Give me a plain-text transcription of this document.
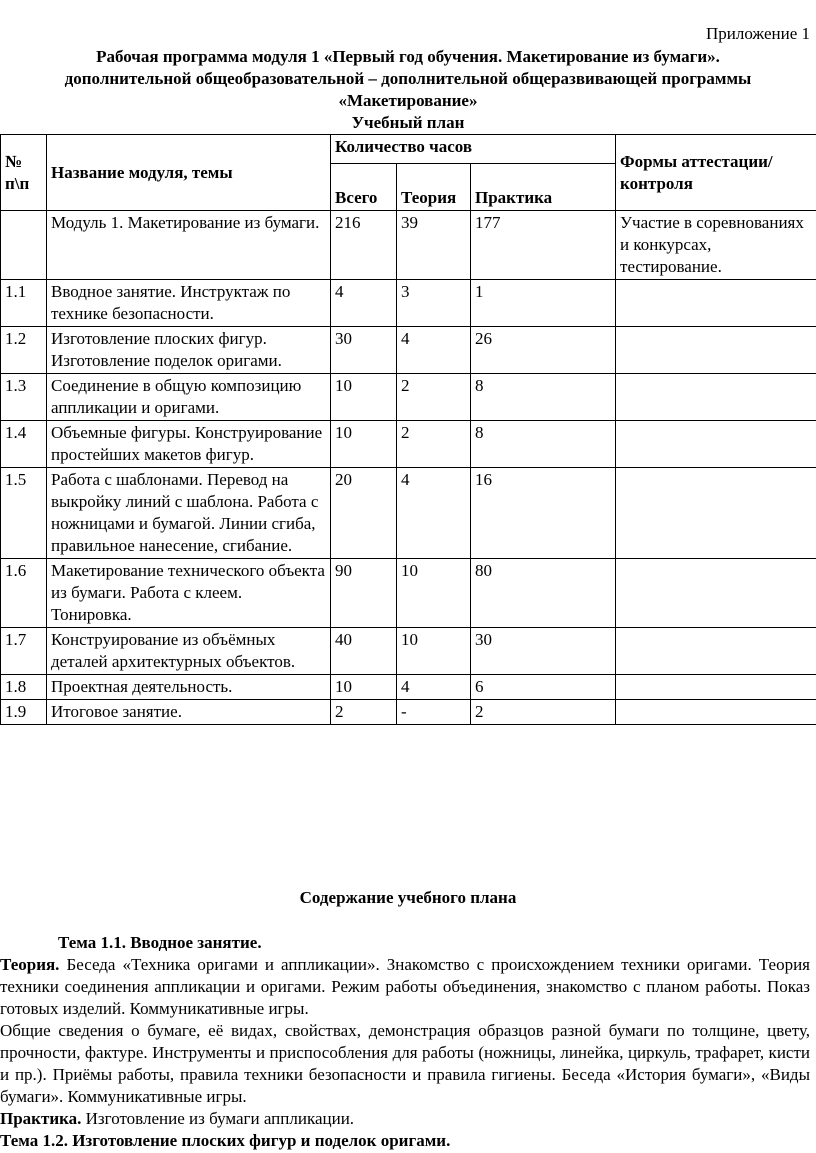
Приложение 1
Рабочая программа модуля 1 «Первый год обучения. Макетирование из бумаги».
дополнительной общеобразовательной – дополнительной общеразвивающей программы
«Макетирование»
Учебный план
№ п\п	Название модуля, темы	Количество часов			Формы аттестации/ контроля
		Всего	Теория	Практика	
	Модуль 1. Макетирование из бумаги.	216	39	177	Участие в соревнованиях и конкурсах, тестирование.
1.1	Вводное занятие. Инструктаж по технике безопасности.	4	3	1	
1.2	Изготовление плоских фигур. Изготовление поделок оригами.	30	4	26	
1.3	Соединение в общую композицию аппликации и оригами.	10	2	8	
1.4	Объемные фигуры. Конструирование простейших макетов фигур.	10	2	8	
1.5	Работа с шаблонами. Перевод на выкройку линий с шаблона. Работа с ножницами и бумагой. Линии сгиба, правильное нанесение, сгибание.	20	4	16	
1.6	Макетирование технического объекта из бумаги. Работа с клеем. Тонировка.	90	10	80	
1.7	Конструирование из объёмных деталей архитектурных объектов.	40	10	30	
1.8	Проектная деятельность.	10	4	6	
1.9	Итоговое занятие.	2	-	2	
Содержание учебного плана

Тема 1.1. Вводное занятие.

Теория. Беседа «Техника оригами и аппликации». Знакомство с происхождением техники оригами. Теория техники соединения аппликации и оригами. Режим работы объединения, знакомство с планом работы. Показ готовых изделий. Коммуникативные игры.

Общие сведения о бумаге, её видах, свойствах, демонстрация образцов разной бумаги по толщине, цвету, прочности, фактуре. Инструменты и приспособления для работы (ножницы, линейка, циркуль, трафарет, кисти и пр.). Приёмы работы, правила техники безопасности и правила гигиены. Беседа «История бумаги», «Виды бумаги». Коммуникативные игры.

Практика. Изготовление из бумаги аппликации.

Тема 1.2. Изготовление плоских фигур и поделок оригами.
